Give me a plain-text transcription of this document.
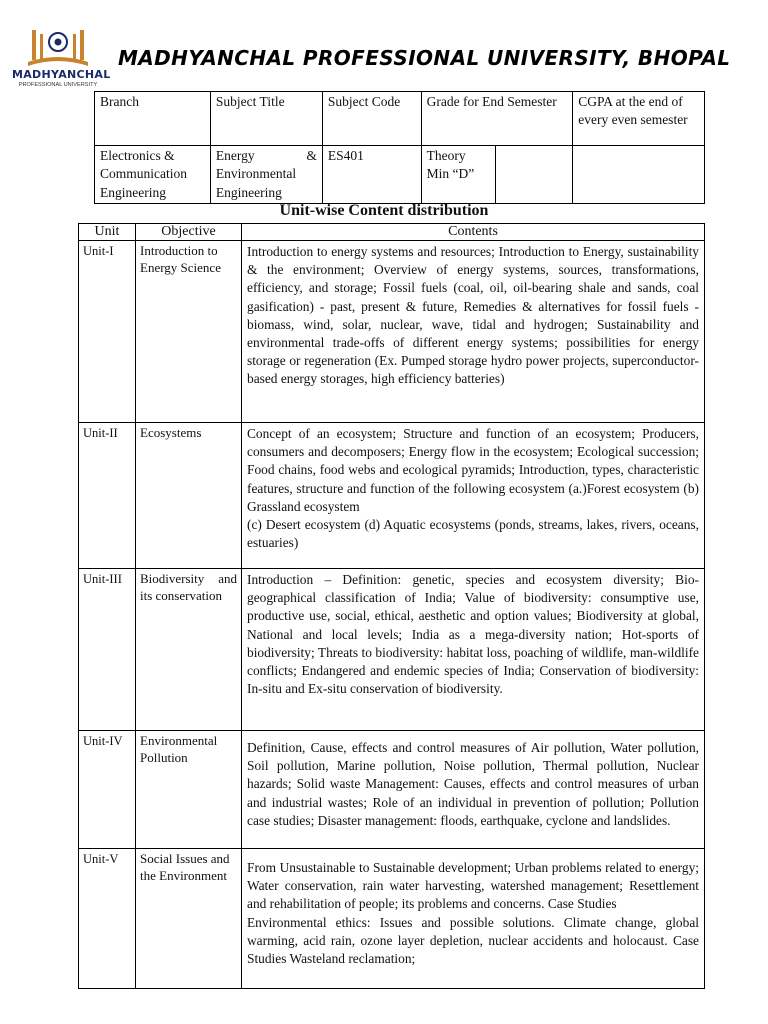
MADHYANCHAL
PROFESSIONAL UNIVERSITY
MADHYANCHAL PROFESSIONAL UNIVERSITY, BHOPAL
Branch	Subject Title	Subject Code	Grade for End Semester		CGPA at the end of every even semester
Electronics & Communication Engineering	Energy & Environmental Engineering	ES401	Theory Min “D”		
Unit-wise Content distribution
Unit	Objective	Contents
Unit-I	Introduction to Energy Science	Introduction to energy systems and resources; Introduction to Energy, sustainability & the environment; Overview of energy systems, sources, transformations, efficiency, and storage; Fossil fuels (coal, oil, oil-bearing shale and sands, coal gasification) - past, present & future, Remedies & alternatives for fossil fuels - biomass, wind, solar, nuclear, wave, tidal and hydrogen; Sustainability and environmental trade-offs of different energy systems; possibilities for energy storage or regeneration (Ex. Pumped storage hydro power projects, superconductor-based energy storages, high efficiency batteries)

Unit-II	Ecosystems	Concept of an ecosystem; Structure and function of an ecosystem; Producers, consumers and decomposers; Energy flow in the ecosystem; Ecological succession; Food chains, food webs and ecological pyramids; Introduction, types, characteristic features, structure and function of the following ecosystem (a.)Forest ecosystem (b) Grassland ecosystem
(c) Desert ecosystem (d) Aquatic ecosystems (ponds, streams, lakes, rivers, oceans, estuaries)

Unit-III	Biodiversity and its conservation	Introduction – Definition: genetic, species and ecosystem diversity; Bio-geographical classification of India; Value of biodiversity: consumptive use, productive use, social, ethical, aesthetic and option values; Biodiversity at global, National and local levels; India as a mega-diversity nation; Hot-sports of biodiversity; Threats to biodiversity: habitat loss, poaching of wildlife, man-wildlife conflicts; Endangered and endemic species of India; Conservation of biodiversity: In-situ and Ex-situ conservation of biodiversity.

Unit-IV	Environmental Pollution	Definition, Cause, effects and control measures of Air pollution, Water pollution, Soil pollution, Marine pollution, Noise pollution, Thermal pollution, Nuclear hazards; Solid waste Management: Causes, effects and control measures of urban and industrial wastes; Role of an individual in prevention of pollution; Pollution case studies; Disaster management: floods, earthquake, cyclone and landslides.

Unit-V	Social Issues and the Environment	From Unsustainable to Sustainable development; Urban problems related to energy; Water conservation, rain water harvesting, watershed management; Resettlement and rehabilitation of people; its problems and concerns. Case Studies
Environmental ethics: Issues and possible solutions. Climate change, global warming, acid rain, ozone layer depletion, nuclear accidents and holocaust. Case Studies Wasteland reclamation;
